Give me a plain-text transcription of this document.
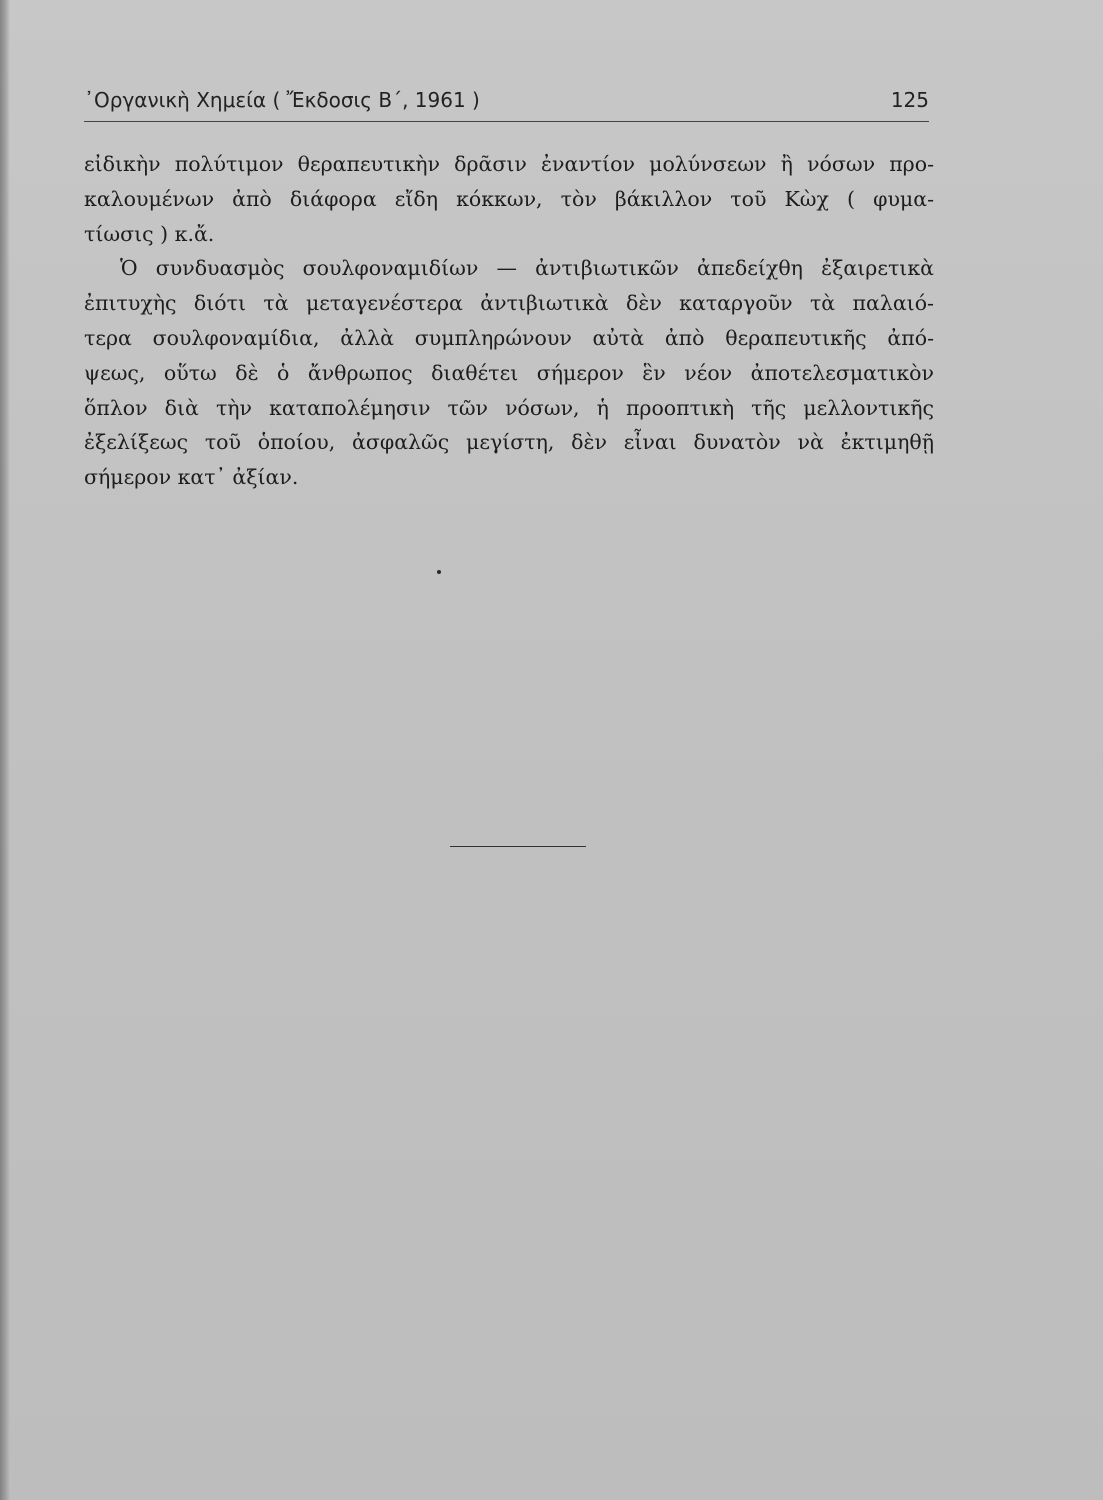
᾿Οργανικὴ Χημεία ( Ἔκδοσις Β΄, 1961 )	125
εἰδικὴν πολύτιμον θεραπευτικὴν δρᾶσιν ἐναντίον μολύνσεων ἢ νόσων προ-
καλουμένων ἀπὸ διάφορα εἴδη κόκκων, τὸν βάκιλλον τοῦ Κὼχ ( φυμα-
τίωσις ) κ.ἄ.
Ὁ συνδυασμὸς σουλφοναμιδίων — ἀντιβιωτικῶν ἀπεδείχθη ἐξαιρετικὰ
ἐπιτυχὴς διότι τὰ μεταγενέστερα ἀντιβιωτικὰ δὲν καταργοῦν τὰ παλαιό-
τερα σουλφοναμίδια, ἀλλὰ συμπληρώνουν αὐτὰ ἀπὸ θεραπευτικῆς ἀπό-
ψεως, οὕτω δὲ ὁ ἄνθρωπος διαθέτει σήμερον ἓν νέον ἀποτελεσματικὸν
ὅπλον διὰ τὴν καταπολέμησιν τῶν νόσων, ἡ προοπτικὴ τῆς μελλοντικῆς
ἐξελίξεως τοῦ ὁποίου, ἀσφαλῶς μεγίστη, δὲν εἶναι δυνατὸν νὰ ἐκτιμηθῇ
σήμερον κατ᾿ ἀξίαν.
